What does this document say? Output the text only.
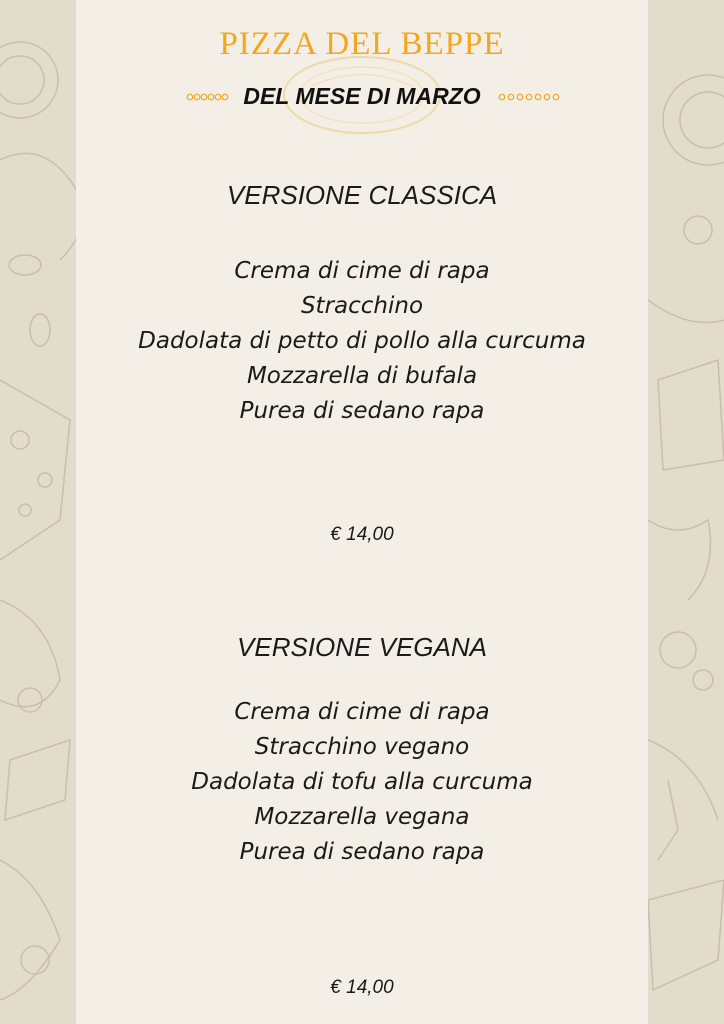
PIZZA DEL BEPPE
DEL MESE DI MARZO
VERSIONE CLASSICA
Crema di cime di rapa
Stracchino
Dadolata di petto di pollo alla curcuma
Mozzarella di bufala
Purea di sedano rapa
€ 14,00
VERSIONE VEGANA
Crema di cime di rapa
Stracchino vegano
Dadolata di tofu alla curcuma
Mozzarella vegana
Purea di sedano rapa
€ 14,00
